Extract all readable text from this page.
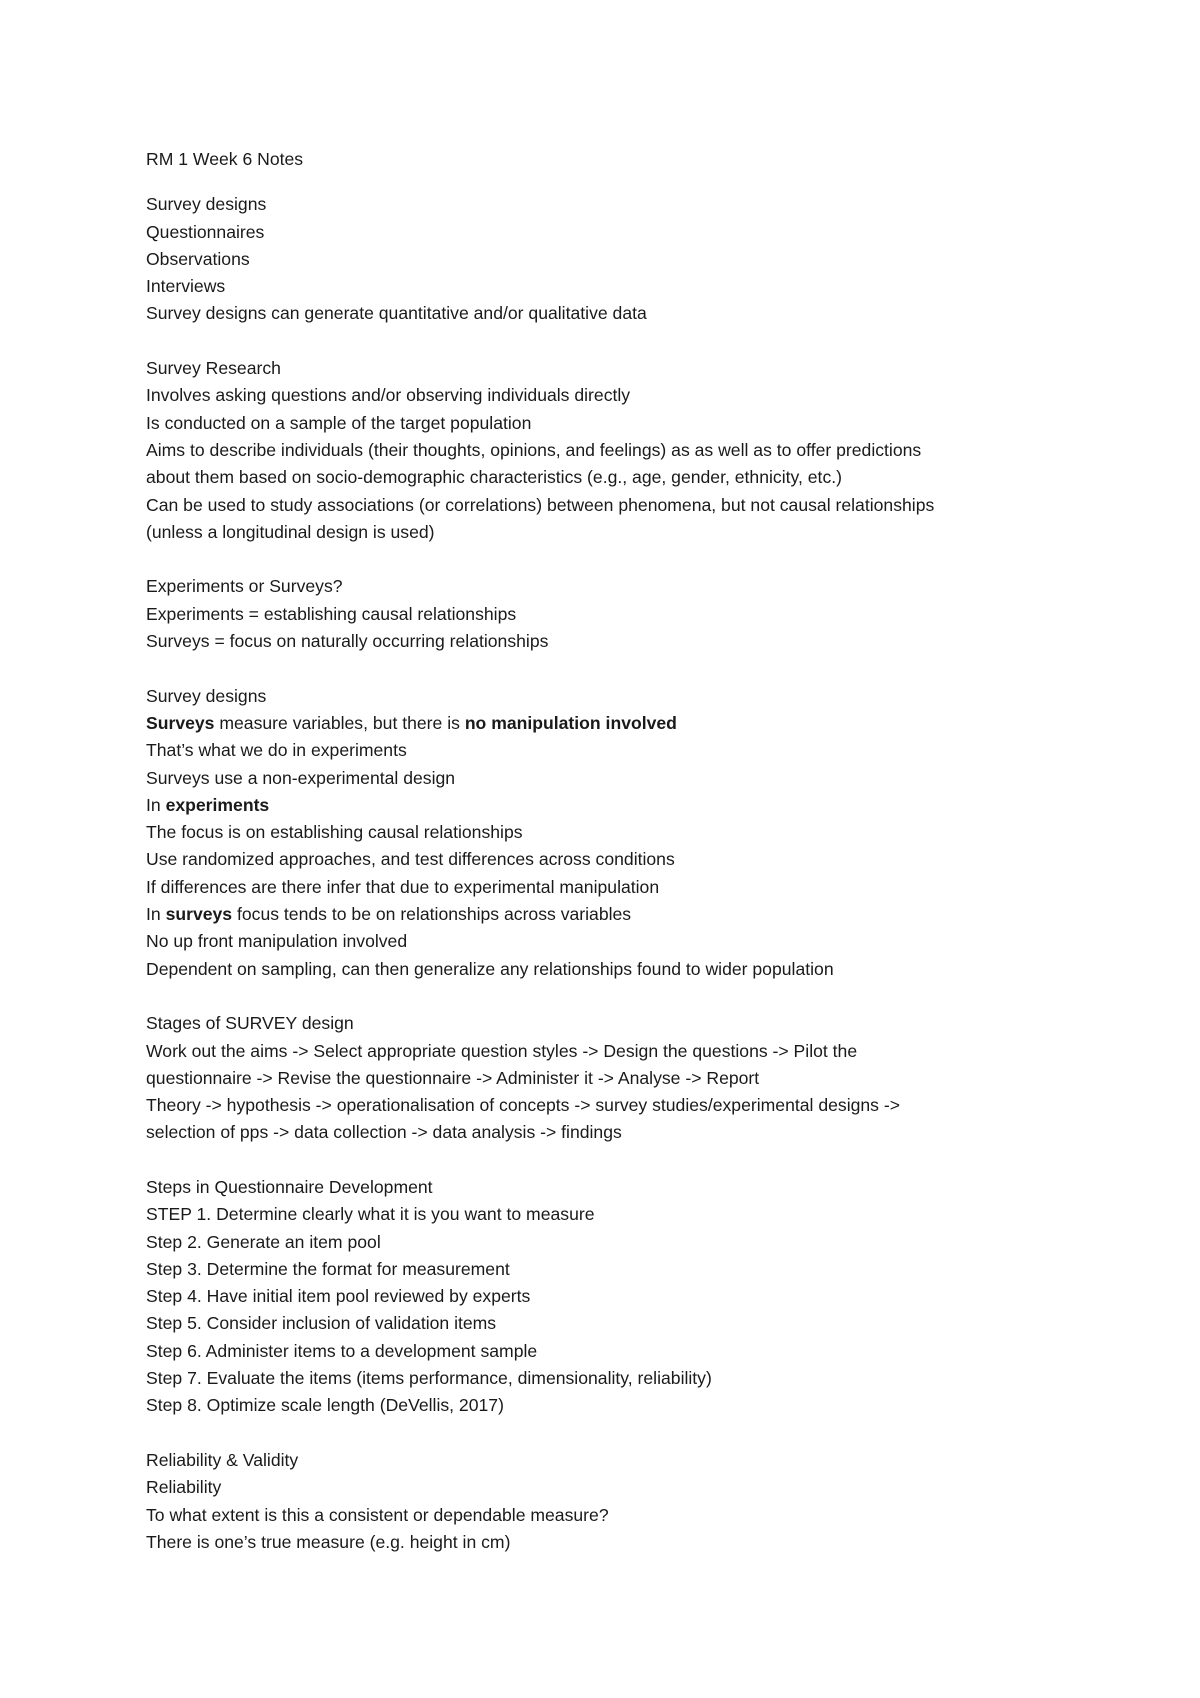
RM 1 Week 6 Notes

Survey designs

Questionnaires

Observations

Interviews

Survey designs can generate quantitative and/or qualitative data

Survey Research

Involves asking questions and/or observing individuals directly

Is conducted on a sample of the target population

Aims to describe individuals (their thoughts, opinions, and feelings) as as well as to offer predictions

about them based on socio-demographic characteristics (e.g., age, gender, ethnicity, etc.)

Can be used to study associations (or correlations) between phenomena, but not causal relationships

(unless a longitudinal design is used)

Experiments or Surveys?

Experiments = establishing causal relationships

Surveys = focus on naturally occurring relationships

Survey designs

Surveys measure variables, but there is no manipulation involved

That’s what we do in experiments

Surveys use a non-experimental design

In experiments

The focus is on establishing causal relationships

Use randomized approaches, and test differences across conditions

If differences are there infer that due to experimental manipulation

In surveys focus tends to be on relationships across variables

No up front manipulation involved

Dependent on sampling, can then generalize any relationships found to wider population

Stages of SURVEY design

Work out the aims -> Select appropriate question styles -> Design the questions -> Pilot the

questionnaire -> Revise the questionnaire -> Administer it -> Analyse -> Report

Theory -> hypothesis -> operationalisation of concepts -> survey studies/experimental designs ->

selection of pps -> data collection -> data analysis -> findings

Steps in Questionnaire Development

STEP 1. Determine clearly what it is you want to measure

Step 2. Generate an item pool

Step 3. Determine the format for measurement

Step 4. Have initial item pool reviewed by experts

Step 5. Consider inclusion of validation items

Step 6. Administer items to a development sample

Step 7. Evaluate the items (items performance, dimensionality, reliability)

Step 8. Optimize scale length (DeVellis, 2017)

Reliability & Validity

Reliability

To what extent is this a consistent or dependable measure?

There is one’s true measure (e.g. height in cm)
